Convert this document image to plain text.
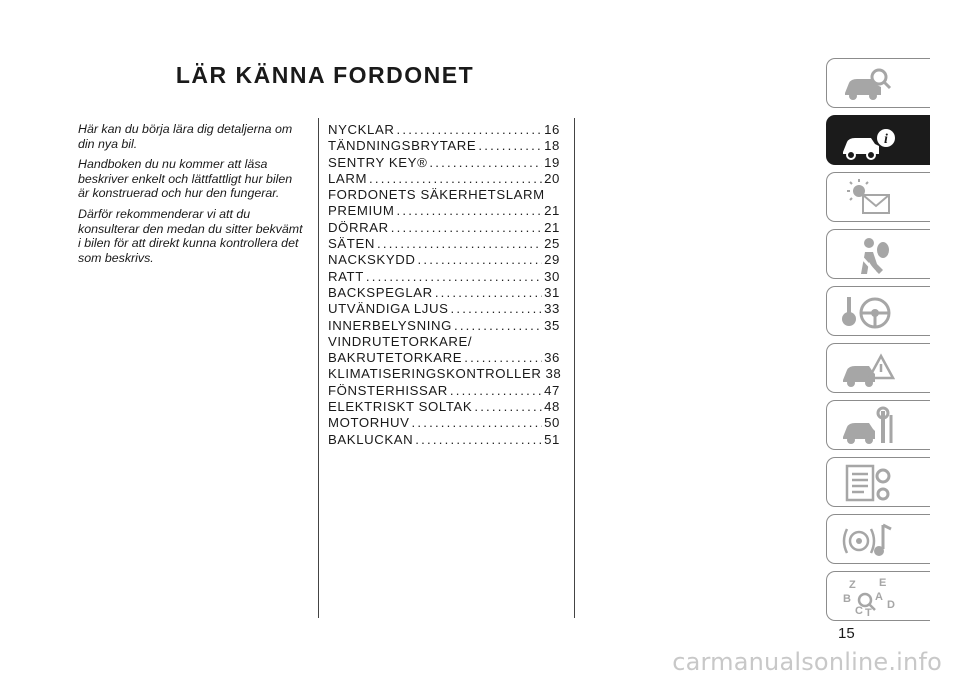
LÄR KÄNNA FORDONET

Här kan du börja lära dig detaljerna om din nya bil.

Handboken du nu kommer att läsa beskriver enkelt och lättfattligt hur bilen är konstruerad och hur den fungerar.

Därför rekommenderar vi att du konsulterar den medan du sitter bekvämt i bilen för att direkt kunna kontrollera det som beskrivs.

NYCKLAR .....	16
TÄNDNINGSBRYTARE .....	18
SENTRY KEY® .....	19
LARM .....	20
FORDONETS SÄKERHETSLARM
PREMIUM .....	21
DÖRRAR .....	21
SÄTEN .....	25
NACKSKYDD .....	29
RATT .....	30
BACKSPEGLAR .....	31
UTVÄNDIGA LJUS .....	33
INNERBELYSNING .....	35
VINDRUTETORKARE/
BAKRUTETORKARE .....	36
KLIMATISERINGSKONTROLLER 38
FÖNSTERHISSAR .....	47
ELEKTRISKT SOLTAK .....	48
MOTORHUV .....	50
BAKLUCKAN .....	51
i
Z E
B A
C D
T
15
carmanualsonline.info
